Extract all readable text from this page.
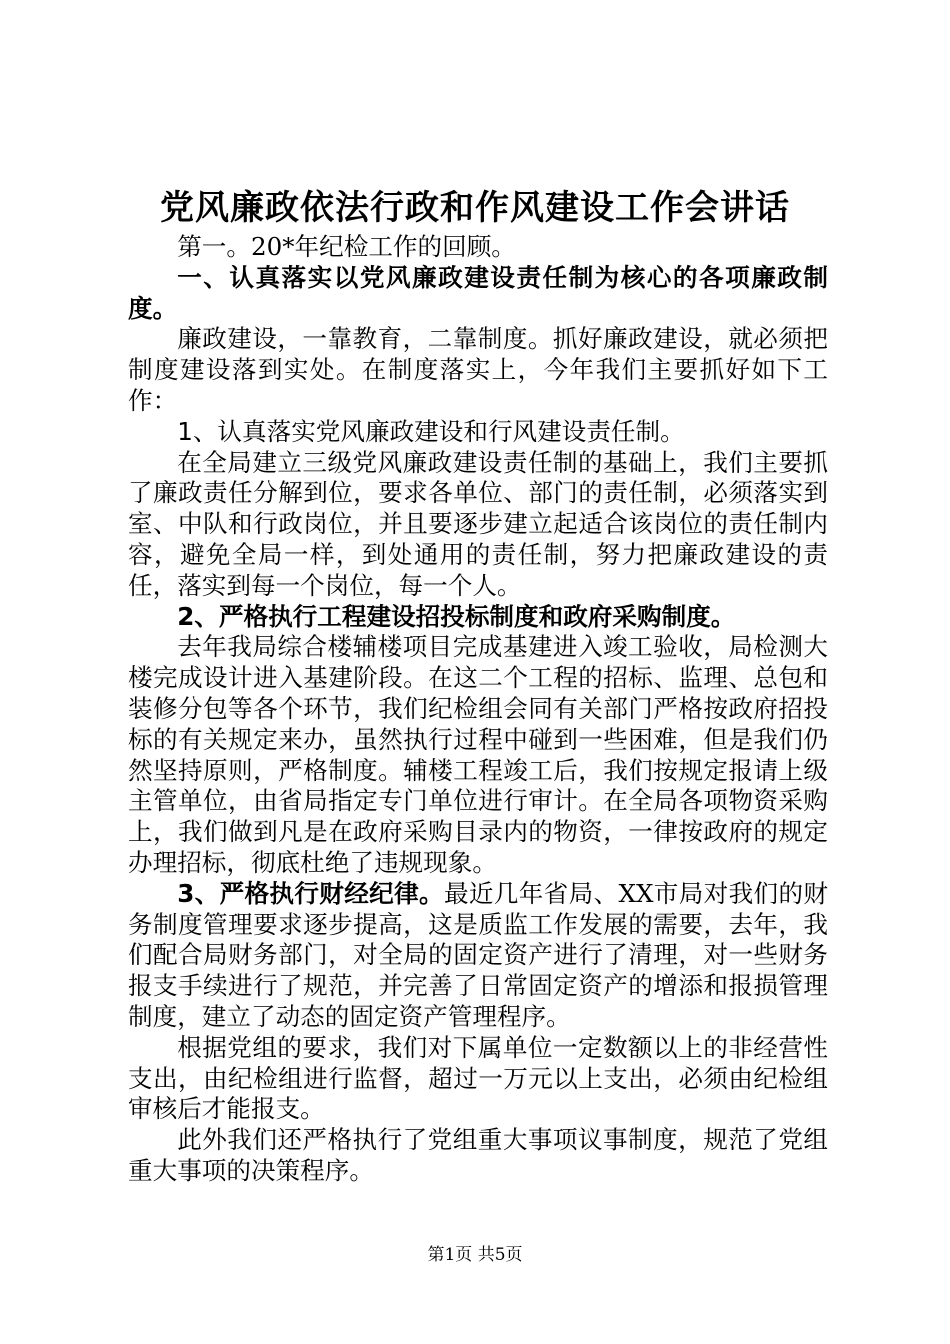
党风廉政依法行政和作风建设工作会讲话

第一。20*年纪检工作的回顾。

一、认真落实以党风廉政建设责任制为核心的各项廉政制度。

廉政建设，一靠教育，二靠制度。抓好廉政建设，就必须把制度建设落到实处。在制度落实上，今年我们主要抓好如下工作：

1、认真落实党风廉政建设和行风建设责任制。

在全局建立三级党风廉政建设责任制的基础上，我们主要抓了廉政责任分解到位，要求各单位、部门的责任制，必须落实到室、中队和行政岗位，并且要逐步建立起适合该岗位的责任制内容，避免全局一样，到处通用的责任制，努力把廉政建设的责任，落实到每一个岗位，每一个人。

2、严格执行工程建设招投标制度和政府采购制度。

去年我局综合楼辅楼项目完成基建进入竣工验收，局检测大楼完成设计进入基建阶段。在这二个工程的招标、监理、总包和装修分包等各个环节，我们纪检组会同有关部门严格按政府招投标的有关规定来办，虽然执行过程中碰到一些困难，但是我们仍然坚持原则，严格制度。辅楼工程竣工后，我们按规定报请上级主管单位，由省局指定专门单位进行审计。在全局各项物资采购上，我们做到凡是在政府采购目录内的物资，一律按政府的规定办理招标，彻底杜绝了违规现象。

3、严格执行财经纪律。最近几年省局、XX市局对我们的财务制度管理要求逐步提高，这是质监工作发展的需要，去年，我们配合局财务部门，对全局的固定资产进行了清理，对一些财务报支手续进行了规范，并完善了日常固定资产的增添和报损管理制度，建立了动态的固定资产管理程序。

根据党组的要求，我们对下属单位一定数额以上的非经营性支出，由纪检组进行监督，超过一万元以上支出，必须由纪检组审核后才能报支。

此外我们还严格执行了党组重大事项议事制度，规范了党组重大事项的决策程序。

第1页 共5页
